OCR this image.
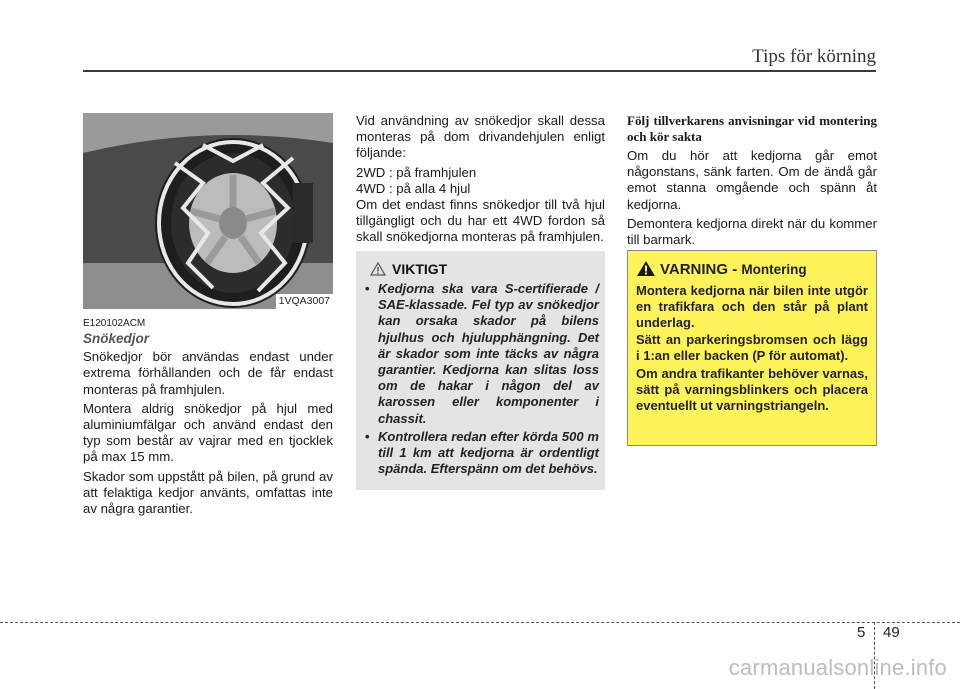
Tips för körning
1VQA3007
E120102ACM
Snökedjor

Snökedjor bör användas endast under extrema förhållanden och de får endast monteras på framhjulen.

Montera aldrig snökedjor på hjul med aluminiumfälgar och använd endast den typ som består av vajrar med en tjocklek på max 15 mm.

Skador som uppstått på bilen, på grund av att felaktiga kedjor använts, omfattas inte av några garantier.

Vid användning av snökedjor skall dessa monteras på dom drivandehjulen enligt följande:

2WD : på framhjulen

4WD : på alla 4 hjul

Om det endast finns snökedjor till två hjul tillgängligt och du har ett 4WD fordon så skall snökedjorna monteras på framhjulen.

VIKTIGT
• Kedjorna ska vara S-certifierade / SAE-klassade. Fel typ av snökedjor kan orsaka skador på bilens hjulhus och hjulupphängning. Det är skador som inte täcks av några garantier. Kedjorna kan slitas loss om de hakar i någon del av karossen eller komponenter i chassit.
• Kontrollera redan efter körda 500 m till 1 km att kedjorna är ordentligt spända. Efterspänn om det behövs.

Följ tillverkarens anvisningar vid montering och kör sakta

Om du hör att kedjorna går emot någonstans, sänk farten. Om de ändå går emot stanna omgående och spänn åt kedjorna.

Demontera kedjorna direkt när du kommer till barmark.

VARNING - Montering

Montera kedjorna när bilen inte utgör en trafikfara och den står på plant underlag.

Sätt an parkeringsbromsen och lägg i 1:an eller backen (P för automat).

Om andra trafikanter behöver varnas, sätt på varningsblinkers och placera eventuellt ut varningstriangeln.

5 49
carmanualsonline.info
